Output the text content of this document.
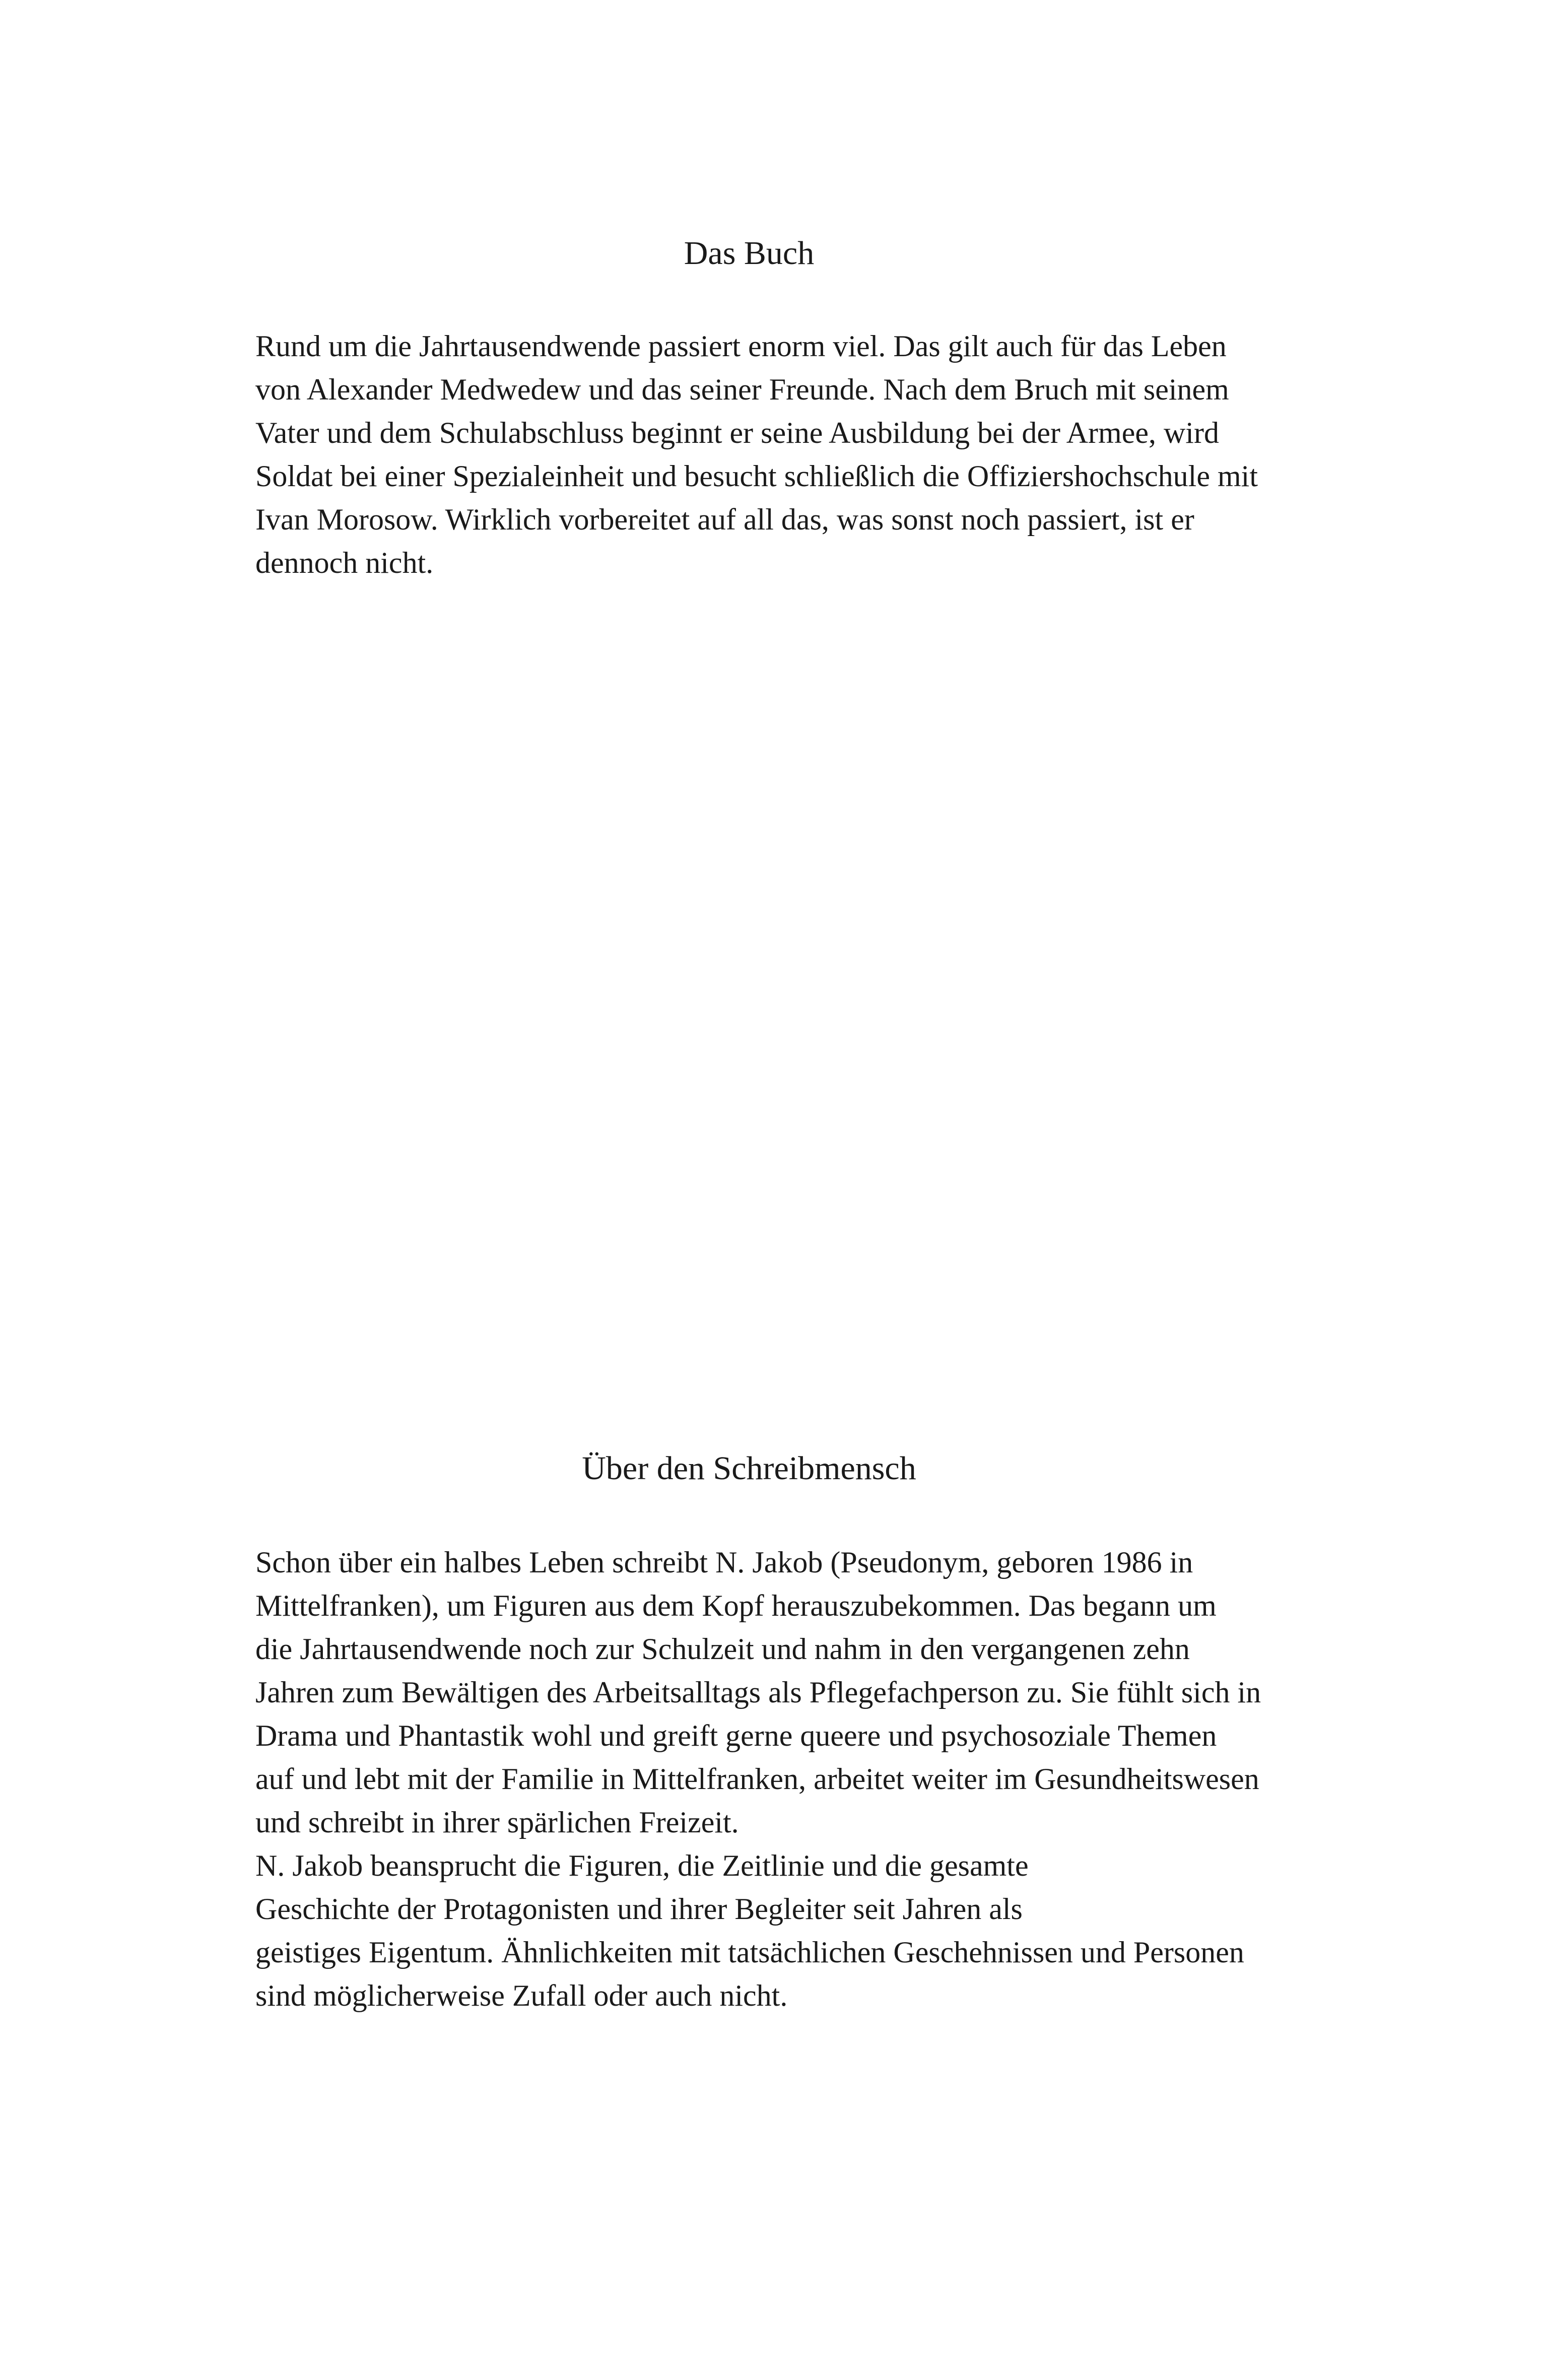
Das Buch

Rund um die Jahrtausendwende passiert enorm viel. Das gilt auch für das Leben
von Alexander Medwedew und das seiner Freunde. Nach dem Bruch mit seinem
Vater und dem Schulabschluss beginnt er seine Ausbildung bei der Armee, wird
Soldat bei einer Spezialeinheit und besucht schließlich die Offiziershochschule mit
Ivan Morosow. Wirklich vorbereitet auf all das, was sonst noch passiert, ist er
dennoch nicht.

Über den Schreibmensch

Schon über ein halbes Leben schreibt N. Jakob (Pseudonym, geboren 1986 in
Mittelfranken), um Figuren aus dem Kopf herauszubekommen. Das begann um
die Jahrtausendwende noch zur Schulzeit und nahm in den vergangenen zehn
Jahren zum Bewältigen des Arbeitsalltags als Pflegefachperson zu. Sie fühlt sich in
Drama und Phantastik wohl und greift gerne queere und psychosoziale Themen
auf und lebt mit der Familie in Mittelfranken, arbeitet weiter im Gesundheitswesen
und schreibt in ihrer spärlichen Freizeit.
N. Jakob beansprucht die Figuren, die Zeitlinie und die gesamte
Geschichte der Protagonisten und ihrer Begleiter seit Jahren als
geistiges Eigentum. Ähnlichkeiten mit tatsächlichen Geschehnissen und Personen
sind möglicherweise Zufall oder auch nicht.
